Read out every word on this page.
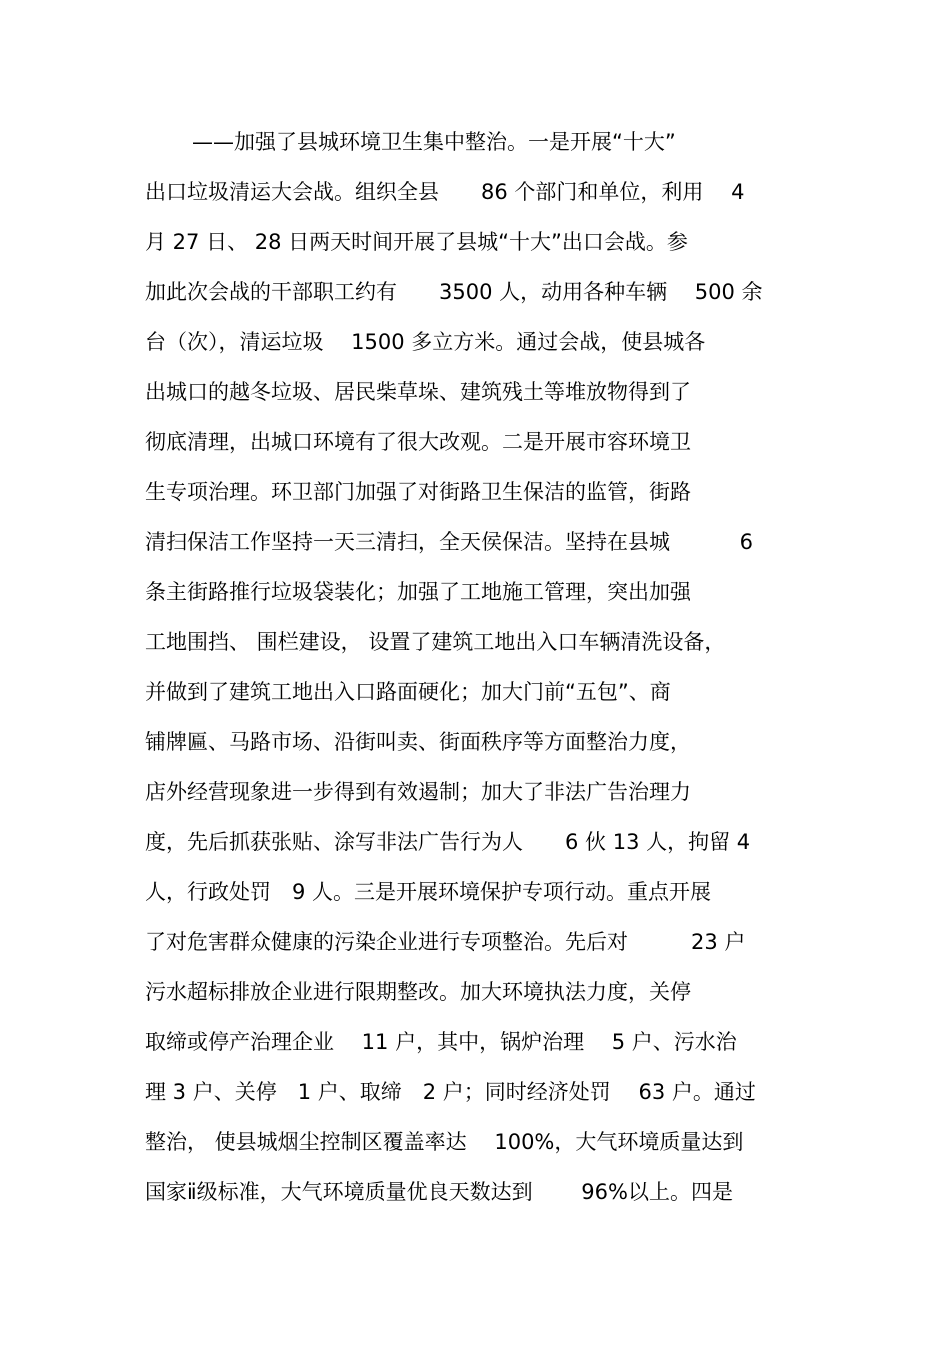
——加强了县城环境卫生集中整治。一是开展“十大”
出口垃圾清运大会战。组织全县　　86 个部门和单位，利用　 4
月 27 日、 28 日两天时间开展了县城“十大”出口会战。参
加此次会战的干部职工约有　　3500 人，动用各种车辆　 500 余
台（次），清运垃圾　 1500 多立方米。通过会战，使县城各
出城口的越冬垃圾、居民柴草垛、建筑残土等堆放物得到了
彻底清理，出城口环境有了很大改观。二是开展市容环境卫
生专项治理。环卫部门加强了对街路卫生保洁的监管，街路
清扫保洁工作坚持一天三清扫，全天侯保洁。坚持在县城　　　 6
条主街路推行垃圾袋装化；加强了工地施工管理，突出加强
工地围挡、 围栏建设， 设置了建筑工地出入口车辆清洗设备，
并做到了建筑工地出入口路面硬化；加大门前“五包”、商
铺牌匾、马路市场、沿街叫卖、街面秩序等方面整治力度，
店外经营现象进一步得到有效遏制；加大了非法广告治理力
度，先后抓获张贴、涂写非法广告行为人　　6 伙 13 人，拘留 4
人，行政处罚　9 人。三是开展环境保护专项行动。重点开展
了对危害群众健康的污染企业进行专项整治。先后对　　　23 户
污水超标排放企业进行限期整改。加大环境执法力度，关停
取缔或停产治理企业　 11 户，其中，锅炉治理　 5 户、污水治
理 3 户、关停　1 户、取缔　2 户；同时经济处罚　 63 户。通过
整治， 使县城烟尘控制区覆盖率达　 100%，大气环境质量达到
国家ⅱ级标准，大气环境质量优良天数达到　　 96%以上。四是
